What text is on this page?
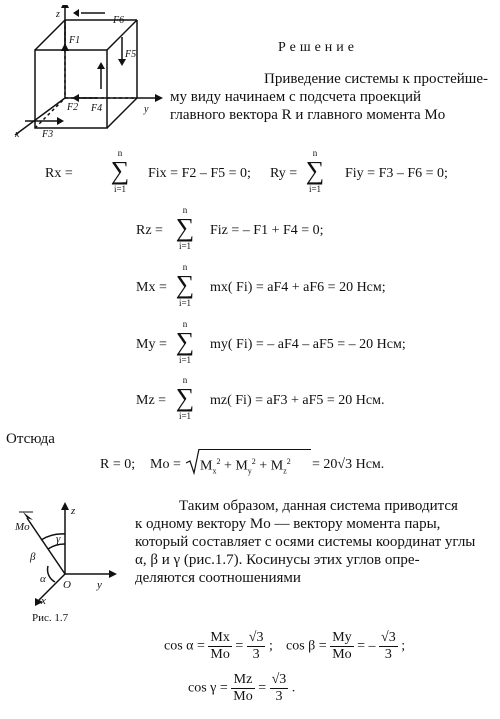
z
F6
F1
F5
F2 F4	y
x F3
Решение
Приведение системы к простейше-
му виду начинаем с подсчета проекций
главного вектора R и главного момента Mo
Rx =
n
∑
i=1
Fix = F2 – F5 = 0; Ry =
n
∑
i=1
Fiy = F3 – F6 = 0;
Rz =
n
∑
i=1
Fiz = – F1 + F4 = 0;
Mx =
n
∑
i=1
mx( Fi) = aF4 + aF6 = 20 Нсм;
My =
n
∑
i=1
my( Fi) = – aF4 – aF5 = – 20 Нсм;
Mz =
n
∑
i=1
mz( Fi) = aF3 + aF5 = 20 Нсм.
Отсюда
R = 0; $Mo = M_x^2 + M_y^2 + M_z^2 = 20√3$ Нсм.
Mo
z
β
γ
α O y
x
Рис. 1.7
Таким образом, данная система приводится
к одному вектору Mo — вектору момента пары,
который составляет с осями системы координат углы
α, β и γ (рис.1.7). Косинусы этих углов опре-
деляются соотношениями
$\cos \alpha = \frac{Mx}{Mo} = \frac{√3}{3}$ ; $\cos \beta = \frac{My}{Mo}$ = – $\frac{√3}{3}$ ;
$\cos \gamma = \frac{Mz}{Mo} = \frac{√3}{3}$ .
